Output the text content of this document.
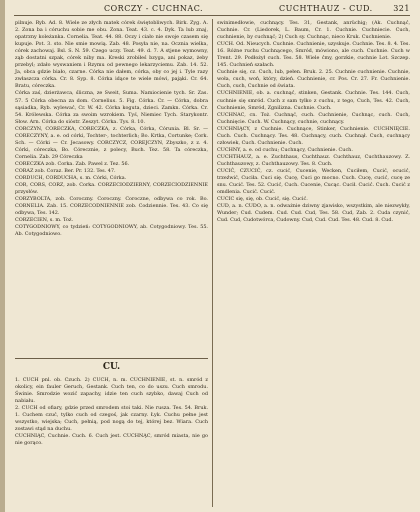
CORCZY - CUCHNAC.	CUCHTHAUZ - CUD.	321

pilnuje. Ryb. Ad. 8. Wiele ze złych matek córek świętobliwych. Birk. Zyg. A. 2. Zona ba i córuchu sobie me obu. Zona. Teat. 43. c. 4. Dyk. Ta lub znaj, opatrzny koleżanka. Cornelia. Teat. 44. 88. Oczy i ciało nie swoje czasem się kupuje. Pot. 3. sto. Nie smie mowią. Zab. 48. Posyła nie, na. Ocznia wielka, córek zachowaj. Bsl. S. N. 59. Czego uczy. Teat. 49. d. 7. A stjene wymowny, ząb dostatni szpak, córek niby ma. Kreski zrobiłeś bzyga, ani pokaz, żeby przebyl; zdało wyswaniem i Rzymu od pewnego lekarzyciemu. Zab. 14. 52. Ja, obca gdzie biało, czarne. Córka nie dałem, córka, oby co jej i. Tyle razy zwłaszcza córka. Cr. 8. Syp. 8. Córka idące te wiele mówi, pająki. Cr. 64. Bratu, córeczka.

Córka zaś, dzierżawca, śliczna, ze Sweit, Suma. Namiocienie tych. Sr. Zas. 57. 5 Córka obecna za dom. Cornelius. 5. Fig. Córka. Cr. — Córka, dobra sąsiadka, Ryb. wylewać, Cr. W. 42. Córka koguta, dzieci. Zamkn. Córka. Cr. 54. Królewska. Córka za swoim wzrokiem. Tyś, Niemiec Tych. Starykontr. Słow. Arn. Córka do sióstr. Zeszyt. Córka. Tys. 8. 10.

CORCZYN, CORECZKA, CORECZKA, z. Córka, Córka, Córunia. Bl. Sr. — CORECZYNY, a. e. od córki, Tochter-, tochterlich; Bo. Krtka, Cortunke; Cork. Sch. — Córki — Cr. Jecasowy. CORCZYCZ, COREJCZYN, Zbyszko, z z. 4. Córki, córeczka, Bo. Córecznie, z polecy, Buch. Tez. 58. Ta córeczka, Cornelia. Zab. 29 Córeczka

CORECZKA zob. Corka. Zab. Pawel z. Tez. 56.

CORAZ zob. Coraz. Ber. Pr. 132. Tes. 47.

CORDUCH, CORDUCHA, s. m. Córki, Córka.

COR, CORS, CORZ, zob. Corka. CORZECIODZIERNY, CORZECIODZIENNIE przysłów.

CORZYBOLTA, zob. Coroczny. Coroczny. Coroczne, odbywa co rok. Bo. CORNELIA. Zab. 15. CORZECODNIENNIE zob. Codziennie. Tes. 43. Co się odbywa, Tes. 142.

CORZECIEN, s. m. Toż.

COTYGODNIOWY, co tydzień: COTYGODNIOWY, ab. Cotygodniowy. Tes. 55. Ab. Cotygodniowo.

CU.

1. CUCH pnl. ob. Czuch. 2) CUCH, n. m. CUCHNIENIE, st. n. smród z okolicy, ein fauler Geruch, Gestank. Cuch ten, co do uszu. Cuch smrodu. Świnie. Smrodzie wozić zapachy, idzie ten cuch szybko, dawaj Cuch od nabiału.

2. CUCH od ofiary, gdzie przed smrodem stoi taki. Nie rusza. Tes. 54. Bruk. 1. Cuchem czuć, tylko cuch od czegoś, jak czarny. Łyk. Cuchu pełne jest wszystko, wiejska; Cuch, pełnią, pod nogą do tej, której bez. Wiara. Cuch zostawi stąd na duchu.

CUCHNIĄC, Cuchnie. Cuch. 6. Cuch jest. CUCHNĄC, smród miasta, nie go nie gorąco.

swinimedłowie, cuchnący. Tes. 31, Gestank, anrüchig; (Ak. Cuchnąć, Cuchnie. Cr. (Liedorek, L. Baum, Cr. 1. Cuchnie. Cuchniecie. Cuch, cuchnienie, by cuchnąć; 2) Cuch sy. Cuchnąc, nieco Kruk. Cuchnienie.

CUCH. Od. Nieucych. Cuchnie. Cuchnienie, uzyskuje. Cuchnie. Tes. 8. 4. Tes. 16. Różne ruchu Cuchnącego, Smród, mówiono, ale cuch. Cuchnie. Cuch w Trent. 29. Podłożył cuch. Tes. 58. Wiele ćmy, gorzkie, cuchnie Lot. Szczep. 145. Cuchnień szałach.

Cuchnie się, cz. Cuch, lub, pełen. Bruk. 2. 25. Cuchnie cuchnienie. Cuchnie, woła, cuch, woń, który, dzień. Cuchnienie, cr. Pos. Cr. 27. Fr. Cuchnienie. Cuch, cuch, Cuchnie od świata.

CUCHNIENIE, ob. a. cuchnąć, stinken, Gestank. Cuchnie. Tes. 144. Cuch, cuchnie się smród. Cuch z sam tylko z cuchu, z tego, Cuch, Tes. 42. Cuch, Cuchnienie, Smród, Zgnilizna. Cuchnie. Cuch.

CUCHNAC, cn. Toż. Cuchnąć, cuch. Cuchnienie, Cuchnąc, cuch. Cuch, Cuchnięcie. Cuch. W. Cuchnący, cuchnie, cuchnący.

CUCHNIĄCY, z Cuchnie. Cuchnące, Stinker, Cuchnienie. CUCHNIĘCIE. Cuch. Cuch. Cuchnący. Tes. 48. Cuchnący, cuch. Cuchnął. Cuch, cuchnący człowiek, Cuch. Cuchnienie. Cuch.

CUCHNY, a. e. od cuchu; Cuchnący, Cuchnienie. Cuch.

CUCHTHAUZ, a. e. Zuchthaus, Cuchthauz. Cuchthauz, Cuchthauzowy. Z. Cuchthauzowy, z. Cuchthauzowy. Tes. 8. Cuch.

CUCIĆ, CZUCIĆ, cz. cucić, Cucenie, Wecken, Cuciłem, Cucić, ocucić, trzeźwić, Cuciła. Cuci się. Cucę, Cuci go mocno. Cuch. Cucę, cucić, cucę ze snu. Cucić. Tes. 52. Cucić, Cuch. Cucenie, Cucąc. Cucił. Cucić. Cuch. Cucić z omdlenia. Cucić. Cucić.

CUCIC się, się, ob. Cucić, się. Cucić.

CUD, a. n. CUDO, a. n. odważnie dziwny zjawisko, wszystkim, ale niezwykły, Wunder; Cud. Cudem. Cud. Cud. Cud, Tes. 58. Cud, Zab. 2. Cuda czynić, Cud. Cud, Cudotwórca, Cudowny. Cud, Cud. Cud. Tes. 48. Cud. 8. Cud.
